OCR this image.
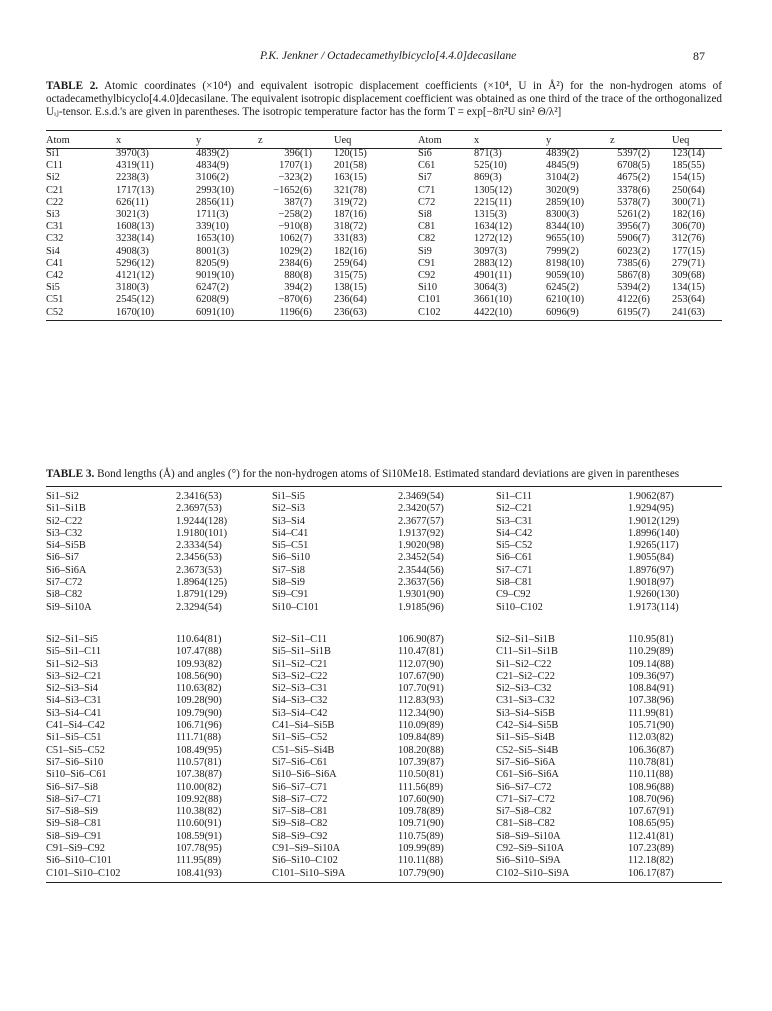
P.K. Jenkner / Octadecamethylbicyclo[4.4.0]decasilane	87
TABLE 2. Atomic coordinates (×10⁴) and equivalent isotropic displacement coefficients (×10⁴, U in Å²) for the non-hydrogen atoms of octadecamethylbicyclo[4.4.0]decasilane. The equivalent isotropic displacement coefficient was obtained as one third of the trace of the orthogonalized Uᵢⱼ-tensor. E.s.d.'s are given in parentheses. The isotropic temperature factor has the form T = exp[−8π²U sin² Θ/λ²]
Atom	x	y	z	Ueq	Atom	x	y	z	Ueq
Si1	3970(3)	4839(2)	396(1)	120(15)	Si6	871(3)	4839(2)	5397(2)	123(14)
C11	4319(11)	4834(9)	1707(1)	201(58)	C61	525(10)	4845(9)	6708(5)	185(55)
Si2	2238(3)	3106(2)	−323(2)	163(15)	Si7	869(3)	3104(2)	4675(2)	154(15)
C21	1717(13)	2993(10)	−1652(6)	321(78)	C71	1305(12)	3020(9)	3378(6)	250(64)
C22	626(11)	2856(11)	387(7)	319(72)	C72	2215(11)	2859(10)	5378(7)	300(71)
Si3	3021(3)	1711(3)	−258(2)	187(16)	Si8	1315(3)	8300(3)	5261(2)	182(16)
C31	1608(13)	339(10)	−910(8)	318(72)	C81	1634(12)	8344(10)	3956(7)	306(70)
C32	3238(14)	1653(10)	1062(7)	331(83)	C82	1272(12)	9655(10)	5906(7)	312(76)
Si4	4908(3)	8001(3)	1029(2)	182(16)	Si9	3097(3)	7999(2)	6023(2)	177(15)
C41	5296(12)	8205(9)	2384(6)	259(64)	C91	2883(12)	8198(10)	7385(6)	279(71)
C42	4121(12)	9019(10)	880(8)	315(75)	C92	4901(11)	9059(10)	5867(8)	309(68)
Si5	3180(3)	6247(2)	394(2)	138(15)	Si10	3064(3)	6245(2)	5394(2)	134(15)
C51	2545(12)	6208(9)	−870(6)	236(64)	C101	3661(10)	6210(10)	4122(6)	253(64)
C52	1670(10)	6091(10)	1196(6)	236(63)	C102	4422(10)	6096(9)	6195(7)	241(63)
TABLE 3. Bond lengths (Å) and angles (°) for the non-hydrogen atoms of Si10Me18. Estimated standard deviations are given in parentheses
Si1–Si2	2.3416(53)	Si1–Si5	2.3469(54)	Si1–C11	1.9062(87)
Si1–Si1B	2.3697(53)	Si2–Si3	2.3420(57)	Si2–C21	1.9294(95)
Si2–C22	1.9244(128)	Si3–Si4	2.3677(57)	Si3–C31	1.9012(129)
Si3–C32	1.9180(101)	Si4–C41	1.9137(92)	Si4–C42	1.8996(140)
Si4–Si5B	2.3334(54)	Si5–C51	1.9020(98)	Si5–C52	1.9265(117)
Si6–Si7	2.3456(53)	Si6–Si10	2.3452(54)	Si6–C61	1.9055(84)
Si6–Si6A	2.3673(53)	Si7–Si8	2.3544(56)	Si7–C71	1.8976(97)
Si7–C72	1.8964(125)	Si8–Si9	2.3637(56)	Si8–C81	1.9018(97)
Si8–C82	1.8791(129)	Si9–C91	1.9301(90)	C9–C92	1.9260(130)
Si9–Si10A	2.3294(54)	Si10–C101	1.9185(96)	Si10–C102	1.9173(114)
Si2–Si1–Si5	110.64(81)	Si2–Si1–C11	106.90(87)	Si2–Si1–Si1B	110.95(81)
Si5–Si1–C11	107.47(88)	Si5–Si1–Si1B	110.47(81)	C11–Si1–Si1B	110.29(89)
Si1–Si2–Si3	109.93(82)	Si1–Si2–C21	112.07(90)	Si1–Si2–C22	109.14(88)
Si3–Si2–C21	108.56(90)	Si3–Si2–C22	107.67(90)	C21–Si2–C22	109.36(97)
Si2–Si3–Si4	110.63(82)	Si2–Si3–C31	107.70(91)	Si2–Si3–C32	108.84(91)
Si4–Si3–C31	109.28(90)	Si4–Si3–C32	112.83(93)	C31–Si3–C32	107.38(96)
Si3–Si4–C41	109.79(90)	Si3–Si4–C42	112.34(90)	Si3–Si4–Si5B	111.99(81)
C41–Si4–C42	106.71(96)	C41–Si4–Si5B	110.09(89)	C42–Si4–Si5B	105.71(90)
Si1–Si5–C51	111.71(88)	Si1–Si5–C52	109.84(89)	Si1–Si5–Si4B	112.03(82)
C51–Si5–C52	108.49(95)	C51–Si5–Si4B	108.20(88)	C52–Si5–Si4B	106.36(87)
Si7–Si6–Si10	110.57(81)	Si7–Si6–C61	107.39(87)	Si7–Si6–Si6A	110.78(81)
Si10–Si6–C61	107.38(87)	Si10–Si6–Si6A	110.50(81)	C61–Si6–Si6A	110.11(88)
Si6–Si7–Si8	110.00(82)	Si6–Si7–C71	111.56(89)	Si6–Si7–C72	108.96(88)
Si8–Si7–C71	109.92(88)	Si8–Si7–C72	107.60(90)	C71–Si7–C72	108.70(96)
Si7–Si8–Si9	110.38(82)	Si7–Si8–C81	109.78(89)	Si7–Si8–C82	107.67(91)
Si9–Si8–C81	110.60(91)	Si9–Si8–C82	109.71(90)	C81–Si8–C82	108.65(95)
Si8–Si9–C91	108.59(91)	Si8–Si9–C92	110.75(89)	Si8–Si9–Si10A	112.41(81)
C91–Si9–C92	107.78(95)	C91–Si9–Si10A	109.99(89)	C92–Si9–Si10A	107.23(89)
Si6–Si10–C101	111.95(89)	Si6–Si10–C102	110.11(88)	Si6–Si10–Si9A	112.18(82)
C101–Si10–C102	108.41(93)	C101–Si10–Si9A	107.79(90)	C102–Si10–Si9A	106.17(87)
